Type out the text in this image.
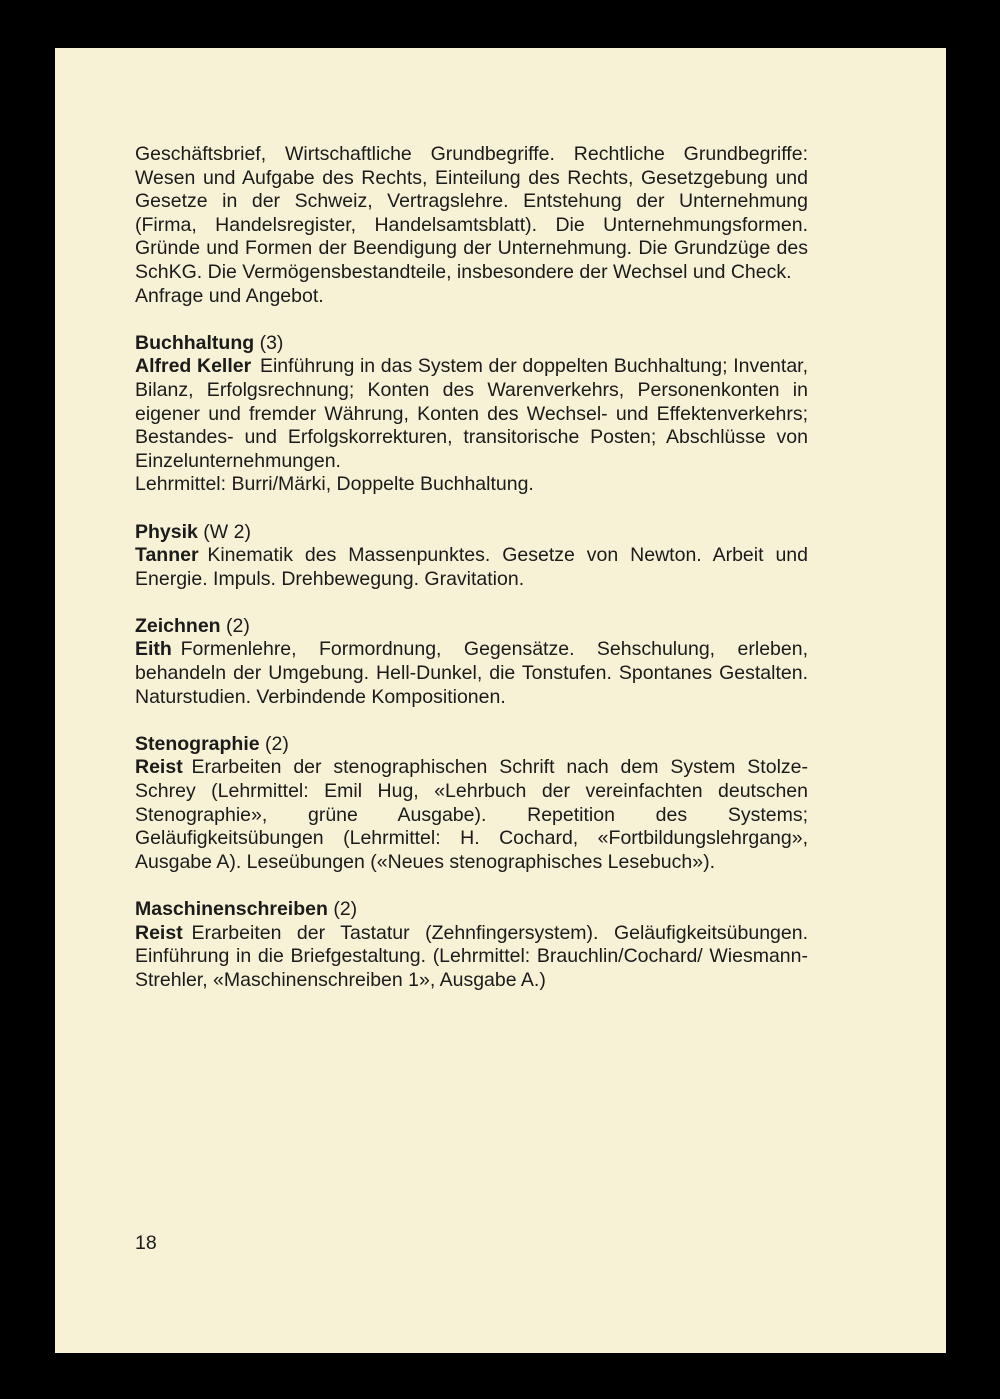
Geschäftsbrief, Wirtschaftliche Grundbegriffe. Rechtliche Grundbegriffe: Wesen und Aufgabe des Rechts, Einteilung des Rechts, Gesetzgebung und Gesetze in der Schweiz, Vertragslehre. Entstehung der Unternehmung (Firma, Handelsregister, Handelsamtsblatt). Die Unternehmungsformen. Gründe und Formen der Beendigung der Unternehmung. Die Grundzüge des SchKG. Die Vermögensbestandteile, insbesondere der Wechsel und Check.

Anfrage und Angebot.

Buchhaltung (3)

Alfred Keller Einführung in das System der doppelten Buchhaltung; Inventar, Bilanz, Erfolgsrechnung; Konten des Warenverkehrs, Personenkonten in eigener und fremder Währung, Konten des Wechsel- und Effektenverkehrs; Bestandes- und Erfolgskorrekturen, transitorische Posten; Abschlüsse von Einzelunternehmungen.

Lehrmittel: Burri/Märki, Doppelte Buchhaltung.

Physik (W 2)

Tanner Kinematik des Massenpunktes. Gesetze von Newton. Arbeit und Energie. Impuls. Drehbewegung. Gravitation.

Zeichnen (2)

Eith Formenlehre, Formordnung, Gegensätze. Sehschulung, erleben, behandeln der Umgebung. Hell-Dunkel, die Tonstufen. Spontanes Gestalten. Naturstudien. Verbindende Kompositionen.

Stenographie (2)

Reist Erarbeiten der stenographischen Schrift nach dem System Stolze-Schrey (Lehrmittel: Emil Hug, «Lehrbuch der vereinfachten deutschen Stenographie», grüne Ausgabe). Repetition des Systems; Geläufigkeitsübungen (Lehrmittel: H. Cochard, «Fortbildungslehrgang», Ausgabe A). Leseübungen («Neues stenographisches Lesebuch»).

Maschinenschreiben (2)

Reist Erarbeiten der Tastatur (Zehnfingersystem). Geläufigkeitsübungen. Einführung in die Briefgestaltung. (Lehrmittel: Brauchlin/Cochard/ Wiesmann-Strehler, «Maschinenschreiben 1», Ausgabe A.)

18
